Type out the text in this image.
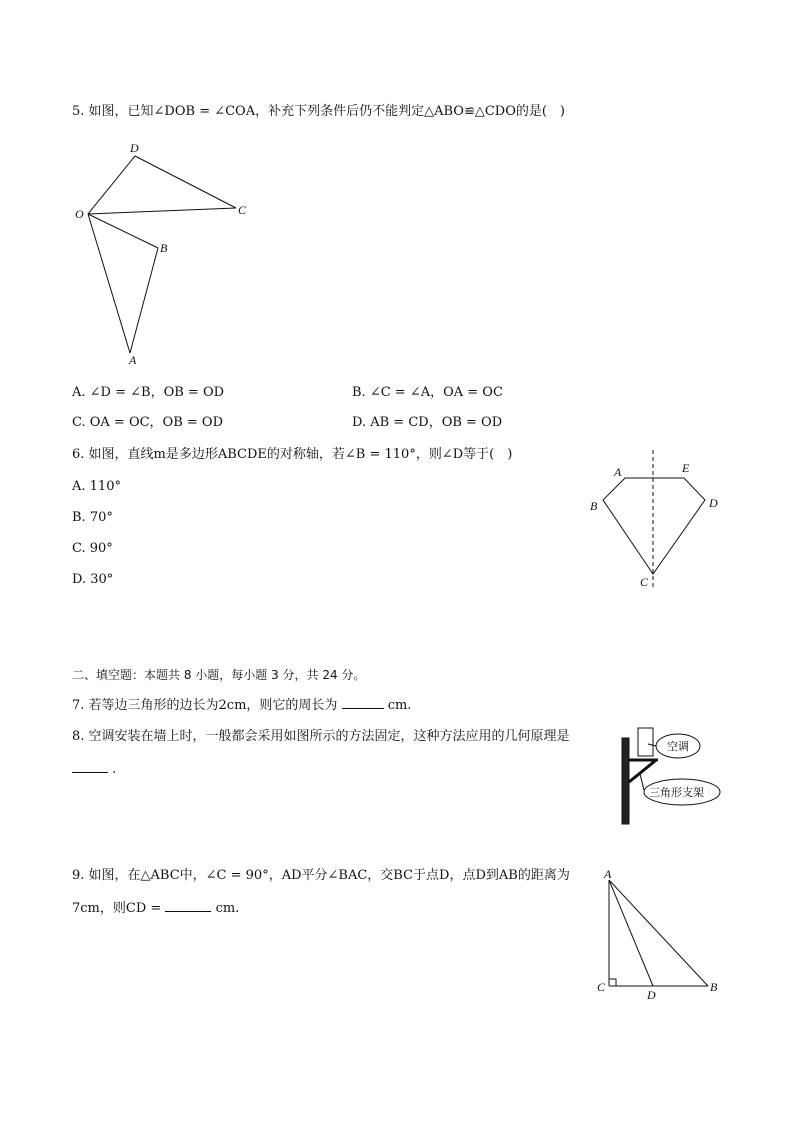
5. 如图，已知∠DOB = ∠COA，补充下列条件后仍不能判定△ABO≌△CDO的是(　)
D
O	C
B
A
A. ∠D = ∠B，OB = OD	B. ∠C = ∠A，OA = OC
C. OA = OC，OB = OD	D. AB = CD，OB = OD
6. 如图，直线m是多边形ABCDE的对称轴，若∠B = 110°，则∠D等于(　)
A. 110°
B. 70°
C. 90°
D. 30°
A	E
B	D
C
二、填空题：本题共 8 小题，每小题 3 分，共 24 分。
7. 若等边三角形的边长为2cm，则它的周长为	cm.
8. 空调安装在墙上时，一般都会采用如图所示的方法固定，这种方法应用的几何原理是
.
空调
三角形支架
9. 如图，在△ABC中，∠C = 90°，AD平分∠BAC，交BC于点D，点D到AB的距离为
7cm，则CD =	cm.
A
C
D
B
